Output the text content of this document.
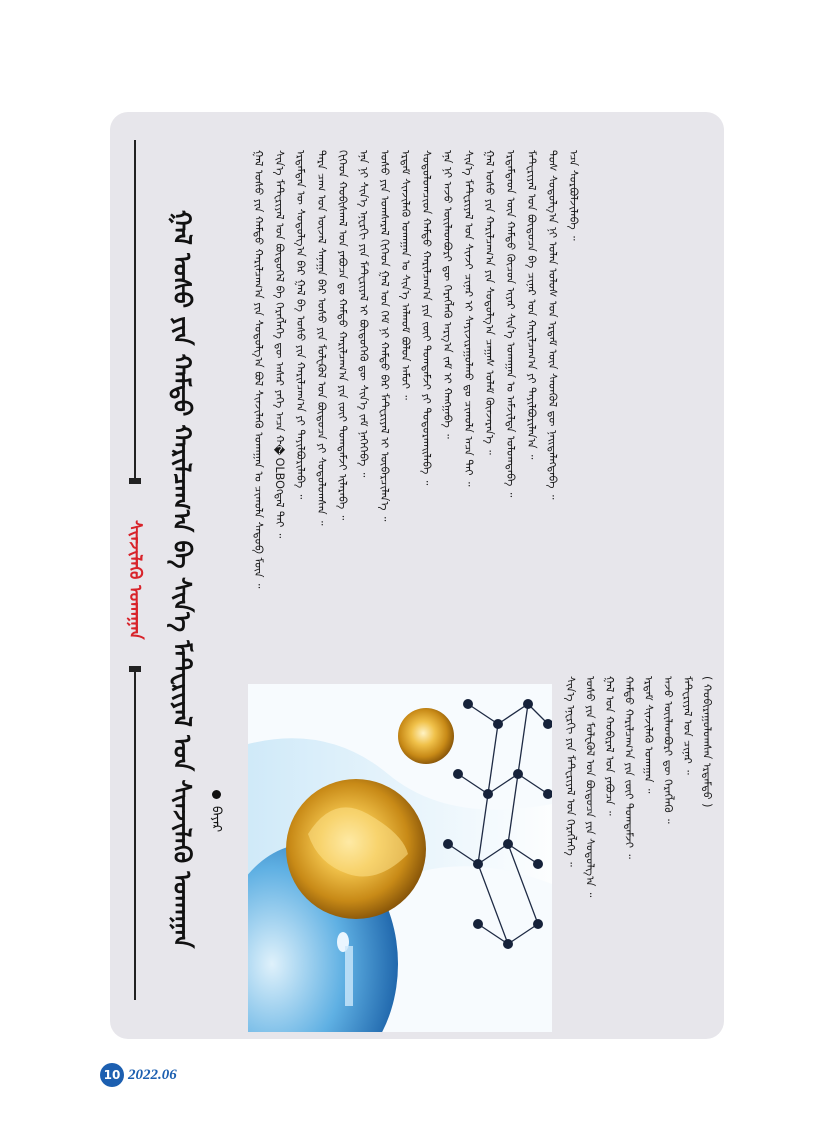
ᠰᠢᠨᠵᠢᠯᠡᠬᠦ ᠤᠬᠠᠭᠠᠨ ᠭᠠᠯ ᠤᠰᠤ ᠶᠢᠨ ᠬᠠᠮᠲᠤ ᠬᠠᠷᠢᠯᠴᠠᠭ᠎ᠠ ᠪᠠ ᠰᠢᠨ᠎ᠡ ᠮᠠᠲ᠋ᠧᠷᠢᠶᠠᠯ ᠤᠨ ᠰᠢᠨᠵᠢᠯᠡᠬᠦ ᠤᠬᠠᠭᠠᠨ ᠪᠠᠶᠠᠷ
ᠭᠠᠯ ᠤᠰᠤ ᠶᠢᠨ ᠬᠠᠮᠲᠤ ᠬᠠᠷᠢᠯᠴᠠᠭ᠎ᠠ ᠶᠢᠨ ᠰᠤᠳᠤᠯᠭ᠎ᠠ ᠪᠤᠯ ᠰᠢᠨᠵᠢᠯᠡᠬᠦ ᠤᠬᠠᠭᠠᠨ ᠤ ᠴᠢᠬᠤᠯᠠ ᠰᠡᠳᠦᠪ ᠮᠥᠨ ᠃ ᠰᠢᠨ᠎ᠡ ᠮᠠᠲ᠋ᠧᠷᠢᠶᠠᠯ ᠤᠨ ᠪᠦᠲᠦᠭᠡᠯ ᠪᠠ ᠬᠡᠷᠡᠭᠯᠡᠭᠡ ᠳᠦ ᠠᠰᠠᠷ ᠶᠡᠬᠡ ᠠᠴᠠ ᠬ�OLBOᠭᠳᠠᠯ ᠲᠠᠢ ᠃ ᠡᠷᠳᠡᠮᠲᠡᠨ ᠦ ᠰᠤᠳᠤᠯᠭ᠎ᠠ ᠪᠠᠷ ᠭᠠᠯ ᠪᠠ ᠤᠰᠤ ᠶᠢᠨ ᠬᠠᠷᠢᠯᠴᠠᠭ᠎ᠠ ᠶᠢ ᠲᠠᠶᠢᠯᠪᠤᠷᠢᠯᠠᠪᠠ ᠃ ᠲᠡᠷᠡ ᠴᠠᠭ ᠤᠨ ᠦᠵᠡᠯ ᠰᠠᠨᠠᠭᠠ ᠪᠠᠷ ᠤᠰᠤ ᠶᠢᠨ ᠮᠣᠯᠧᠺᠦᠯ ᠤᠨ ᠪᠦᠲᠦᠴᠡ ᠶᠢ ᠰᠤᠳᠤᠯᠤᠭᠰᠠᠨ ᠃ ᠬᠢᠭᠡᠳ ᠬᠤᠪᠢᠰᠬᠠᠯ ᠤᠨ ᠶᠠᠪᠤᠴᠠ ᠳᠤ ᠬᠠᠮᠲᠤ ᠬᠠᠷᠢᠯᠴᠠᠭ᠎ᠠ ᠶᠢᠨ ᠵᠦᠢ ᠲᠣᠭᠲᠠᠮᠵᠢ ᠢᠯᠡᠷᠡᠪᠡ ᠃ ᠡᠨᠡ ᠨᠢ ᠰᠢᠨ᠎ᠡ ᠡᠨᠧᠷᠭᠢ ᠶᠢᠨ ᠮᠠᠲ᠋ᠧᠷᠢᠶᠠᠯ ᠢ ᠪᠦᠲᠦᠭᠡᠬᠦ ᠳᠦ ᠰᠢᠨ᠎ᠡ ᠵᠠᠮ ᠨᠡᠭᠡᠭᠡᠪᠡ ᠃ ᠤᠰᠤ ᠶᠢᠨ ᠤᠭᠰᠠᠷᠠᠯ ᠬᠢᠭᠡᠳ ᠭᠠᠯ ᠤᠨ ᠬᠡᠮ ᠨᠢ ᠬᠠᠮᠲᠤ ᠪᠡᠷ ᠮᠠᠲ᠋ᠧᠷᠢᠶᠠᠯ ᠢ ᠦᠪᠡᠷᠴᠢᠯᠡᠨ᠎ᠡ ᠃ ᠡᠷᠳᠡᠮ ᠰᠢᠨᠵᠢᠯᠡᠬᠦ ᠤᠬᠠᠭᠠᠨ ᠤ ᠰᠢᠨ᠎ᠡ ᠠᠯᠬᠤᠮ ᠪᠤᠯᠤᠨ ᠠᠮᠤᠢ ᠃ ᠰᠤᠳᠤᠯᠤᠭᠴᠢᠳ ᠬᠠᠮᠲᠤ ᠬᠠᠷᠢᠯᠴᠠᠭ᠎ᠠ ᠶᠢᠨ ᠵᠦᠢ ᠲᠣᠭᠲᠠᠮᠵᠢ ᠶᠢ ᠲᠣᠳᠣᠷᠬᠠᠢᠯᠠᠪᠠ ᠃ ᠡᠨᠡ ᠨᠢ ᠠᠵᠤ ᠦᠢᠯᠡᠳᠪᠦᠷᠢ ᠳᠦ ᠬᠡᠷᠡᠭᠯᠡᠬᠦ ᠠᠷᠭ᠎ᠠ ᠵᠠᠮ ᠢ ᠬᠠᠩᠭᠠᠪᠠ ᠃ ᠰᠢᠨ᠎ᠡ ᠮᠠᠲ᠋ᠧᠷᠢᠶᠠᠯ ᠤᠨ ᠰᠢᠨᠵᠢ ᠴᠢᠨᠠᠷ ᠢ ᠰᠠᠶᠢᠵᠢᠷᠠᠭᠤᠯᠬᠤ ᠳᠤ ᠴᠢᠬᠤᠯᠠ ᠠᠴᠠ ᠲᠠᠢ ᠃ ᠭᠠᠯ ᠤᠰᠤ ᠶᠢᠨ ᠬᠠᠷᠢᠯᠴᠠᠭ᠎ᠠ ᠶᠢᠨ ᠰᠤᠳᠤᠯᠭ᠎ᠠ ᠴᠠᠭᠠᠰ ᠤᠯᠠᠮ ᠭᠦᠨᠵᠡᠷᠡᠨ᠎ᠡ ᠃ ᠡᠷᠳᠡᠮᠲᠡᠳ ᠦᠨ ᠬᠠᠮᠲᠤ ᠬᠦᠴᠦᠨ ᠢᠶᠡᠷ ᠰᠢᠨ᠎ᠡ ᠤᠬᠠᠭᠠᠨ ᠤ ᠠᠮᠵᠢᠯᠲᠠ ᠣᠯᠤᠭᠳᠠᠪᠠ ᠃ ᠮᠠᠲ᠋ᠧᠷᠢᠶᠠᠯ ᠤᠨ ᠪᠦᠲᠦᠴᠡ ᠪᠠ ᠴᠢᠨᠠᠷ ᠤᠨ ᠬᠠᠷᠢᠯᠴᠠᠭ᠎ᠠ ᠶᠢ ᠲᠠᠶᠢᠯᠪᠤᠷᠢᠯᠠᠨ᠎ᠠ ᠃ ᠲᠤᠰ ᠰᠤᠳᠤᠯᠭ᠎ᠠ ᠨᠢ ᠣᠯᠠᠨ ᠤᠯᠤᠰ ᠤᠨ ᠡᠷᠳᠡᠮ ᠦᠨ ᠰᠡᠳᠭᠦᠯ ᠳᠦ ᠨᠡᠢᠲᠡᠯᠡᠭᠳᠡᠪᠡ ᠃ ᠡᠴᠡ ᠰᠤᠷᠪᠤᠯᠵᠢᠯᠠᠪᠠ ᠃
ᠰᠢᠨ᠎ᠡ ᠡᠨᠧᠷᠭᠢ ᠶᠢᠨ ᠮᠠᠲ᠋ᠧᠷᠢᠶᠠᠯ ᠤᠨ ᠬᠡᠷᠡᠭᠯᠡᠭᠡ ᠃ ᠤᠰᠤ ᠶᠢᠨ ᠮᠣᠯᠧᠺᠦᠯ ᠤᠨ ᠪᠦᠲᠦᠴᠡ ᠶᠢᠨ ᠰᠤᠳᠤᠯᠭ᠎ᠠ ᠃ ᠭᠠᠯ ᠤᠨ ᠬᠤᠪᠢᠷᠠᠯ ᠤᠨ ᠶᠠᠪᠤᠴᠠ ᠃ ᠬᠠᠮᠲᠤ ᠬᠠᠷᠢᠯᠴᠠᠭ᠎ᠠ ᠶᠢᠨ ᠵᠦᠢ ᠲᠣᠭᠲᠠᠮᠵᠢ ᠃ ᠡᠷᠳᠡᠮ ᠰᠢᠨᠵᠢᠯᠡᠬᠦ ᠤᠬᠠᠭᠠᠨ ᠃ ᠠᠵᠤ ᠦᠢᠯᠡᠳᠪᠦᠷᠢ ᠳᠦ ᠬᠡᠷᠡᠭᠯᠡᠬᠦ ᠃ ᠮᠠᠲ᠋ᠧᠷᠢᠶᠠᠯ ᠤᠨ ᠴᠢᠨᠠᠷ ᠃ ( ᠬᠤᠪᠢᠷᠠᠭᠤᠯᠤᠭᠰᠠᠨ ᠡᠷᠳᠡᠮᠲᠦ )
10 2022.06
